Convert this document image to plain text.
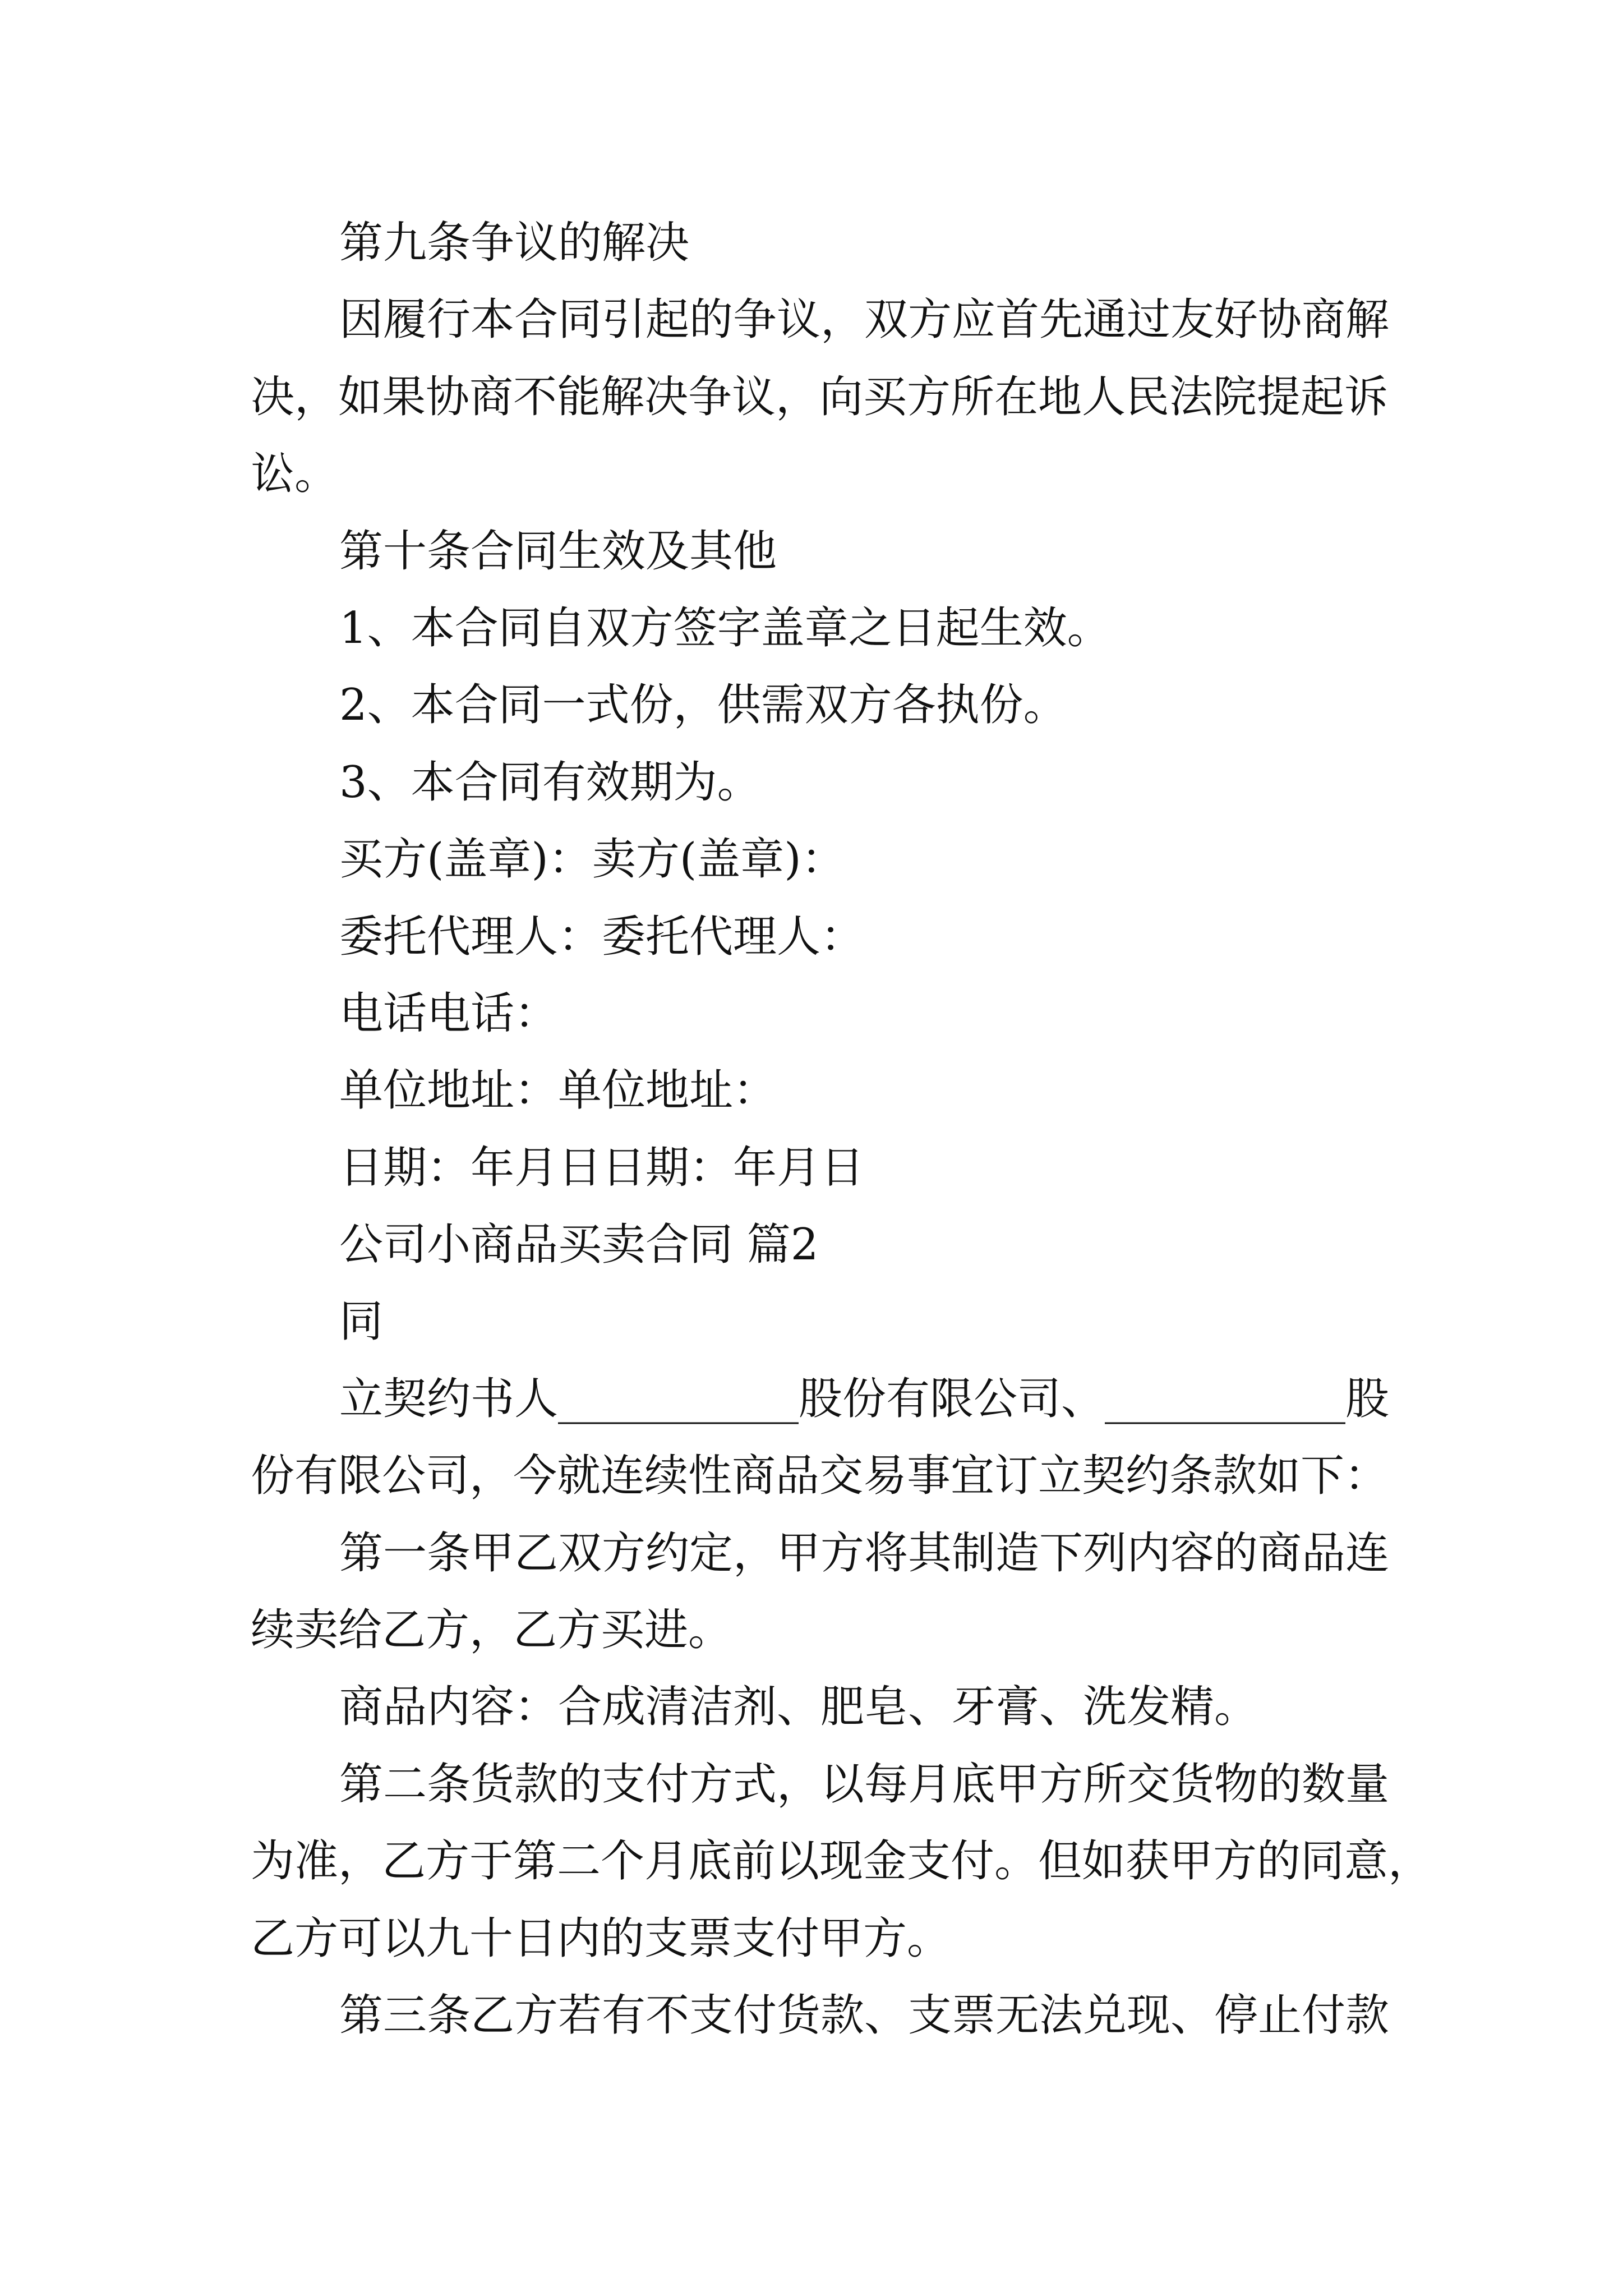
第九条争议的解决
因履行本合同引起的争议，双方应首先通过友好协商解
决，如果协商不能解决争议，向买方所在地人民法院提起诉
讼。
第十条合同生效及其他
1、本合同自双方签字盖章之日起生效。
2、本合同一式份，供需双方各执份。
3、本合同有效期为。
买方(盖章)：卖方(盖章)：
委托代理人：委托代理人：
电话电话：
单位地址：单位地址：
日期：年月日日期：年月日
公司小商品买卖合同 篇2
同
立契约书人___________股份有限公司、___________股
份有限公司，今就连续性商品交易事宜订立契约条款如下：
第一条甲乙双方约定，甲方将其制造下列内容的商品连
续卖给乙方，乙方买进。
商品内容：合成清洁剂、肥皂、牙膏、洗发精。
第二条货款的支付方式，以每月底甲方所交货物的数量
为准，乙方于第二个月底前以现金支付。但如获甲方的同意，
乙方可以九十日内的支票支付甲方。
第三条乙方若有不支付货款、支票无法兑现、停止付款
